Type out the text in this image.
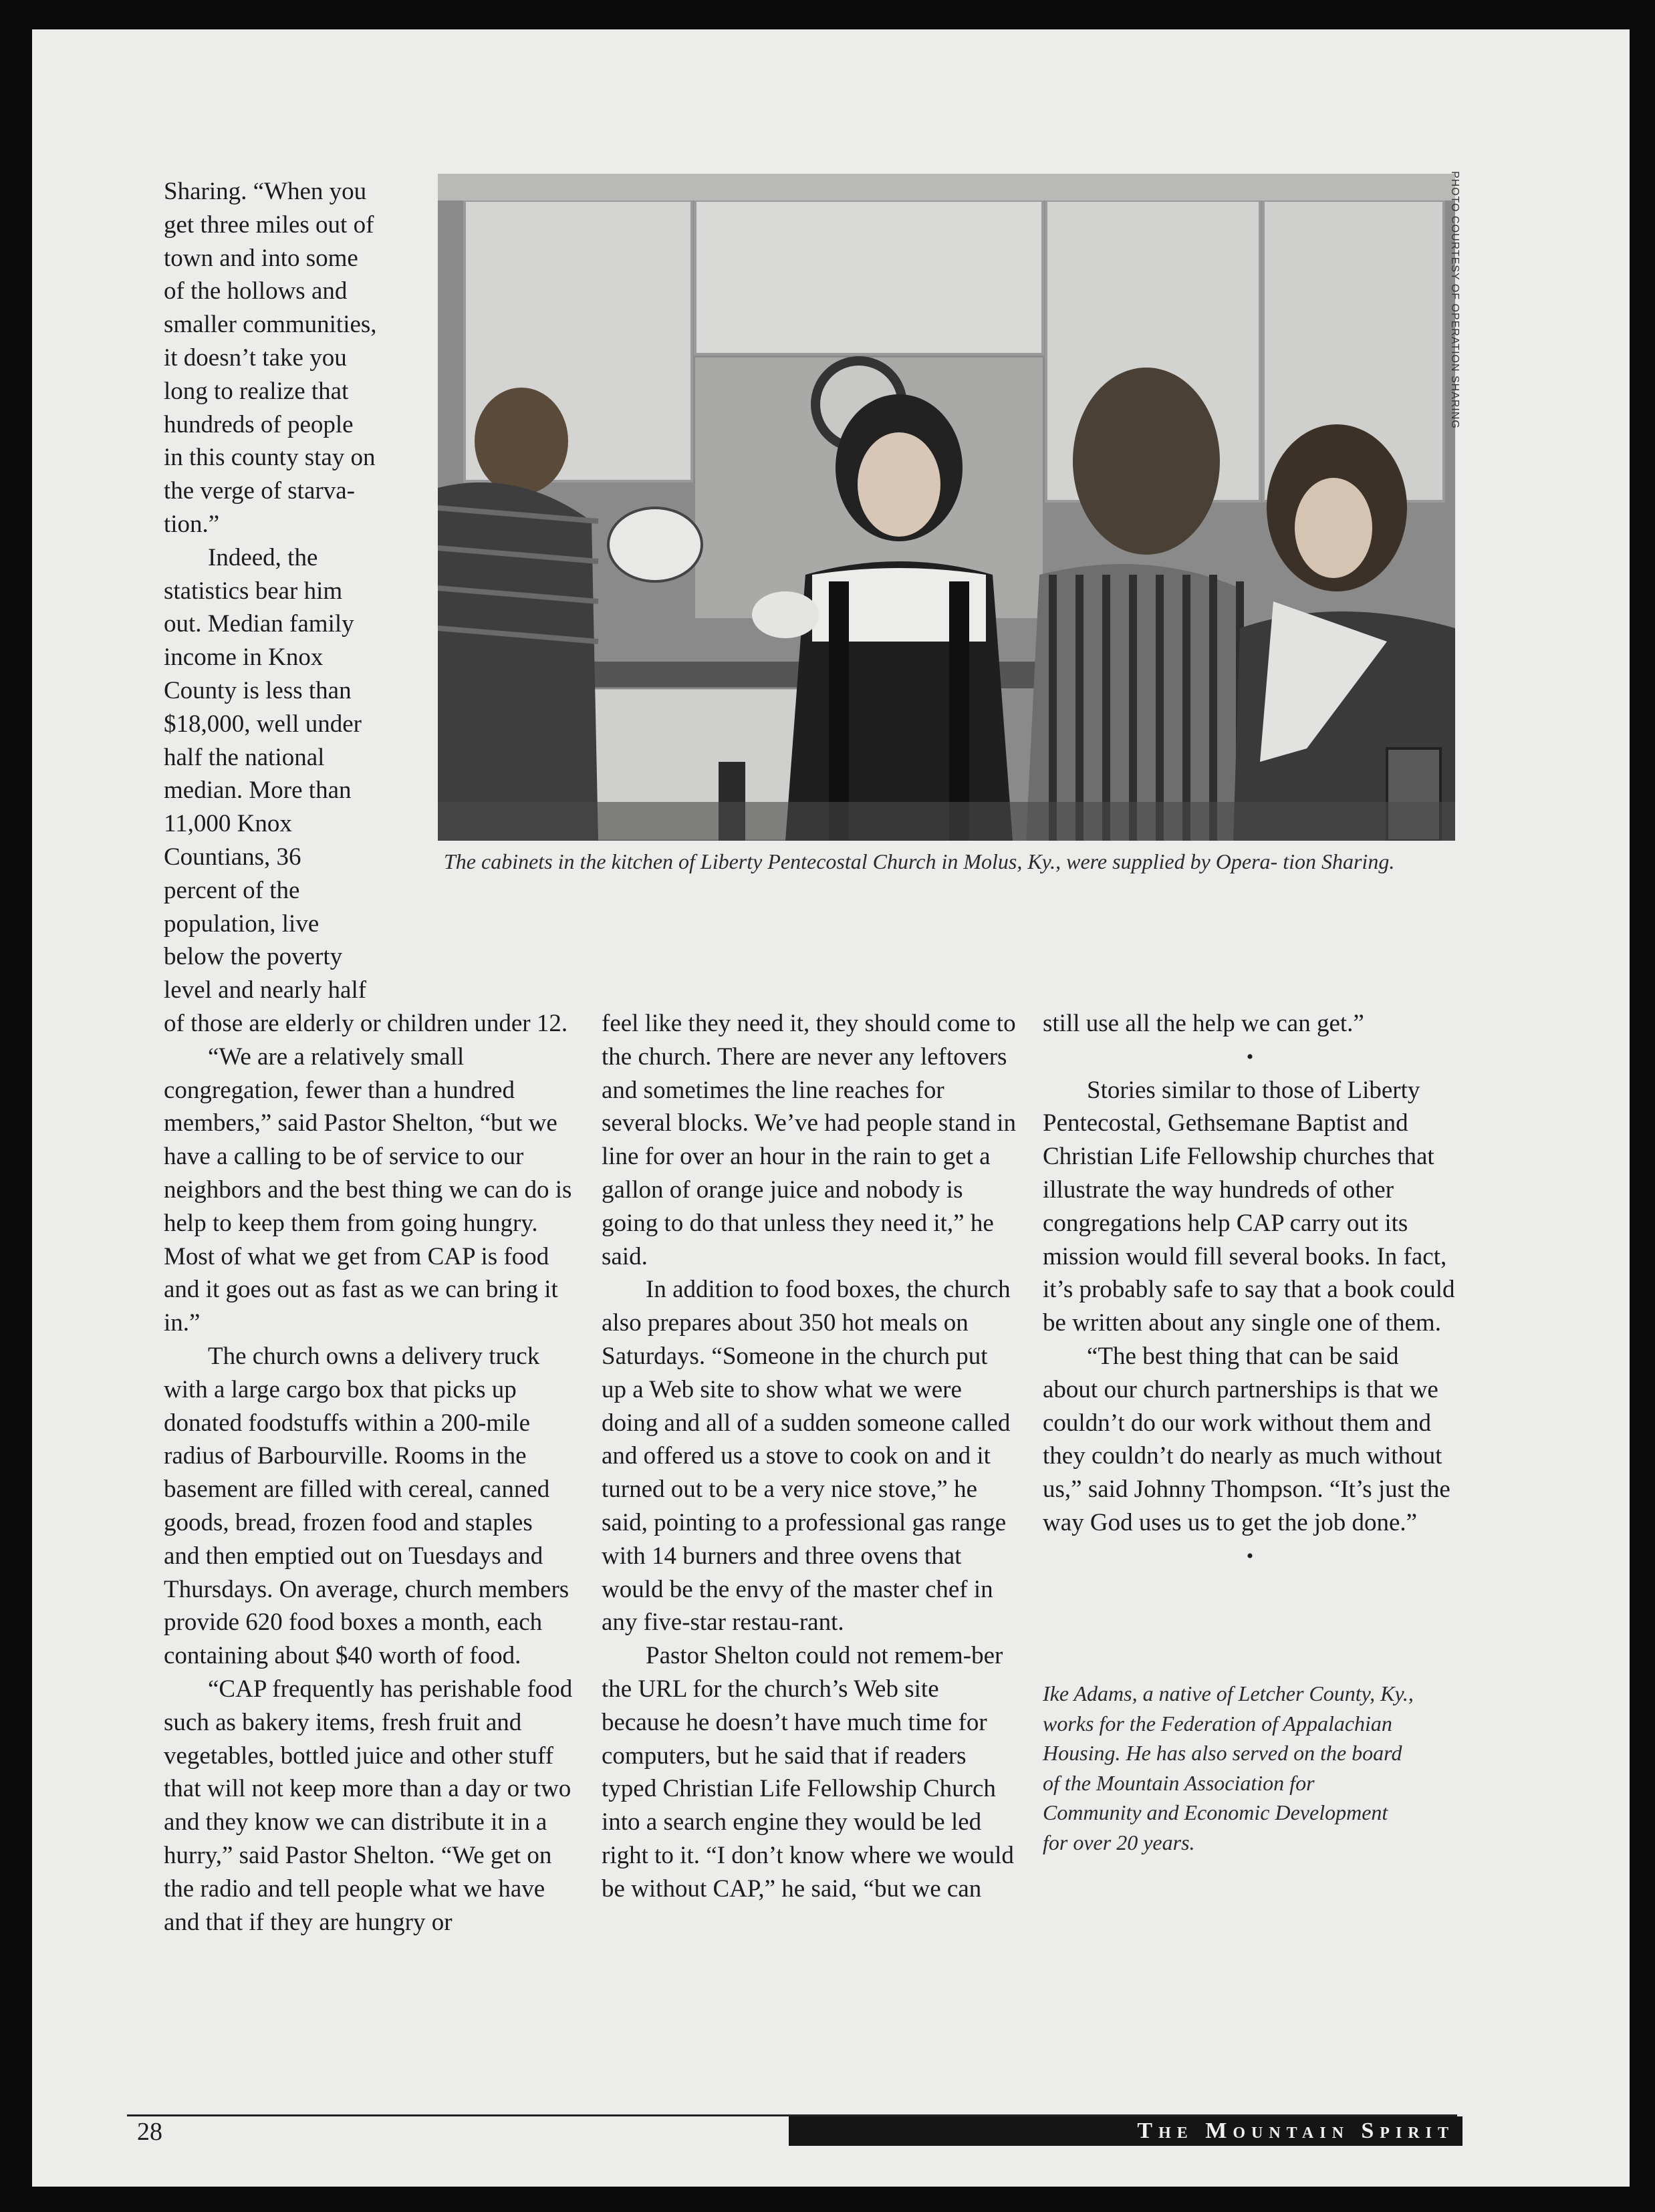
Sharing. “When you

get three miles out of

town and into some

of the hollows and

smaller communities,

it doesn’t take you

long to realize that

hundreds of people

in this county stay on

the verge of starva-

tion.”

Indeed, the

statistics bear him

out. Median family

income in Knox

County is less than

$18,000, well under

half the national

median. More than

11,000 Knox

Countians, 36

percent of the

population, live

below the poverty

level and nearly half

of those are elderly or children under 12.

“We are a relatively small congregation, fewer than a hundred members,” said Pastor Shelton, “but we have a calling to be of service to our neighbors and the best thing we can do is help to keep them from going hungry. Most of what we get from CAP is food and it goes out as fast as we can bring it in.”

The church owns a delivery truck with a large cargo box that picks up donated foodstuffs within a 200-mile radius of Barbourville. Rooms in the basement are filled with cereal, canned goods, bread, frozen food and staples and then emptied out on Tuesdays and Thursdays. On average, church members provide 620 food boxes a month, each containing about $40 worth of food.

“CAP frequently has perishable food such as bakery items, fresh fruit and vegetables, bottled juice and other stuff that will not keep more than a day or two and they know we can distribute it in a hurry,” said Pastor Shelton. “We get on the radio and tell people what we have and that if they are hungry or

feel like they need it, they should come to the church. There are never any leftovers and sometimes the line reaches for several blocks. We’ve had people stand in line for over an hour in the rain to get a gallon of orange juice and nobody is going to do that unless they need it,” he said.

In addition to food boxes, the church also prepares about 350 hot meals on Saturdays. “Someone in the church put up a Web site to show what we were doing and all of a sudden someone called and offered us a stove to cook on and it turned out to be a very nice stove,” he said, pointing to a professional gas range with 14 burners and three ovens that would be the envy of the master chef in any five-star restau-rant.

Pastor Shelton could not remem-ber the URL for the church’s Web site because he doesn’t have much time for computers, but he said that if readers typed Christian Life Fellowship Church into a search engine they would be led right to it. “I don’t know where we would be without CAP,” he said, “but we can

still use all the help we can get.”

•

Stories similar to those of Liberty Pentecostal, Gethsemane Baptist and Christian Life Fellowship churches that illustrate the way hundreds of other congregations help CAP carry out its mission would fill several books. In fact, it’s probably safe to say that a book could be written about any single one of them.

“The best thing that can be said about our church partnerships is that we couldn’t do our work without them and they couldn’t do nearly as much without us,” said Johnny Thompson. “It’s just the way God uses us to get the job done.”

•
Ike Adams, a native of Letcher County, Ky., works for the Federation of Appalachian Housing. He has also served on the board of the Mountain Association for Community and Economic Development for over 20 years.
PHOTO COURTESY OF OPERATION SHARING
The cabinets in the kitchen of Liberty Pentecostal Church in Molus, Ky., were supplied by Opera- tion Sharing.
28	The Mountain Spirit
